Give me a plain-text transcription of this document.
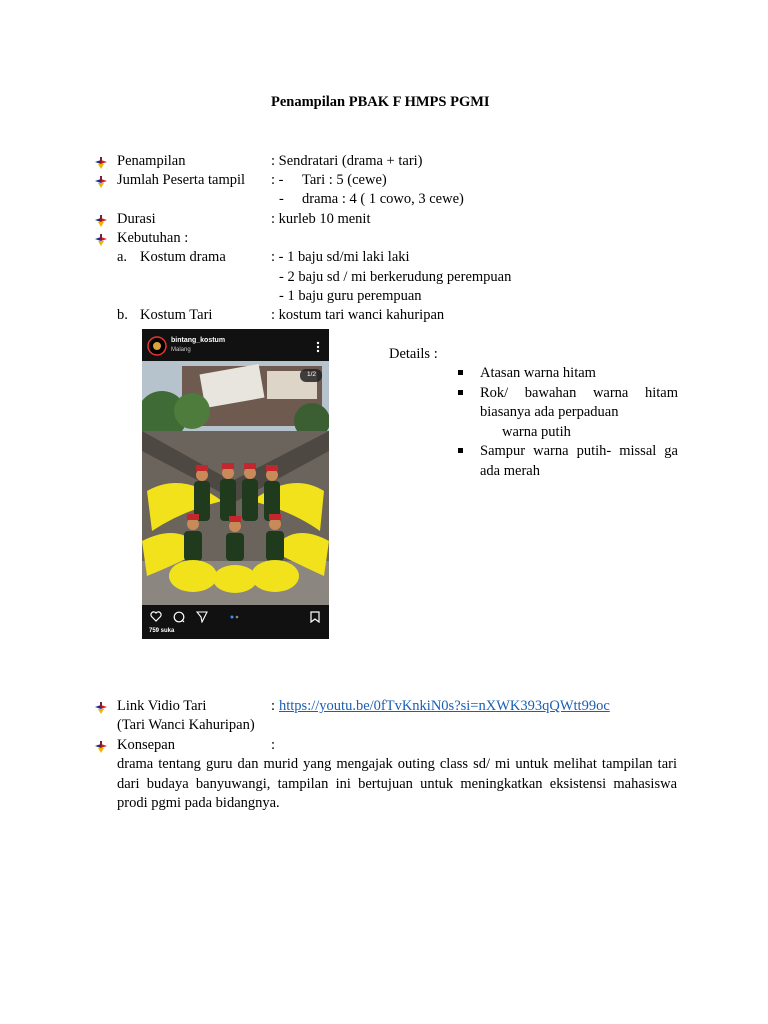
Penampilan PBAK F HMPS PGMI
Penampilan	: Sendratari (drama + tari)
Jumlah Peserta tampil : - Tari : 5 (cewe)
- drama : 4 ( 1 cowo, 3 cewe)
Durasi	: kurleb 10 menit
Kebutuhan :
a. Kostum drama	: - 1 baju sd/mi laki laki
- 2 baju sd / mi berkerudung perempuan
- 1 baju guru perempuan
b. Kostum Tari	: kostum tari wanci kahuripan
bintang_kostum
Malang
1/2
759 suka
Details :
Atasan warna hitam
Rok/ bawahan warna hitam biasanya ada perpaduan
warna putih
Sampur warna putih- missal ga ada merah
Link Vidio Tari	: https://youtu.be/0fTvKnkiN0s?si=nXWK393qQWtt99oc
(Tari Wanci Kahuripan)
Konsepan	:
drama tentang guru dan murid yang mengajak outing class sd/ mi untuk melihat tampilan tari dari budaya banyuwangi, tampilan ini bertujuan untuk meningkatkan eksistensi mahasiswa prodi pgmi pada bidangnya.
